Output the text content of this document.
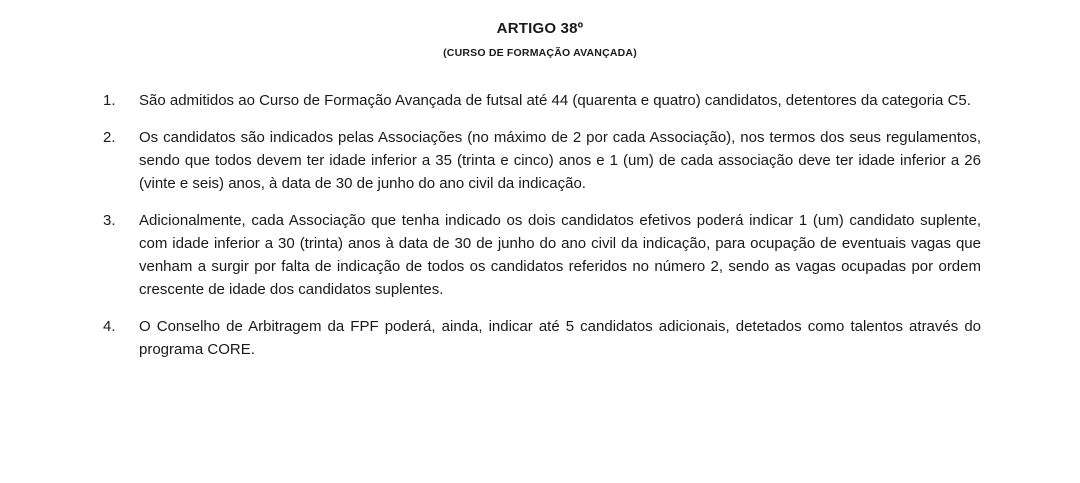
ARTIGO 38º
(CURSO DE FORMAÇÃO AVANÇADA)
1. São admitidos ao Curso de Formação Avançada de futsal até 44 (quarenta e quatro) candidatos, detentores da categoria C5.
2. Os candidatos são indicados pelas Associações (no máximo de 2 por cada Associação), nos termos dos seus regulamentos, sendo que todos devem ter idade inferior a 35 (trinta e cinco) anos e 1 (um) de cada associação deve ter idade inferior a 26 (vinte e seis) anos, à data de 30 de junho do ano civil da indicação.
3. Adicionalmente, cada Associação que tenha indicado os dois candidatos efetivos poderá indicar 1 (um) candidato suplente, com idade inferior a 30 (trinta) anos à data de 30 de junho do ano civil da indicação, para ocupação de eventuais vagas que venham a surgir por falta de indicação de todos os candidatos referidos no número 2, sendo as vagas ocupadas por ordem crescente de idade dos candidatos suplentes.
4. O Conselho de Arbitragem da FPF poderá, ainda, indicar até 5 candidatos adicionais, detetados como talentos através do programa CORE.
